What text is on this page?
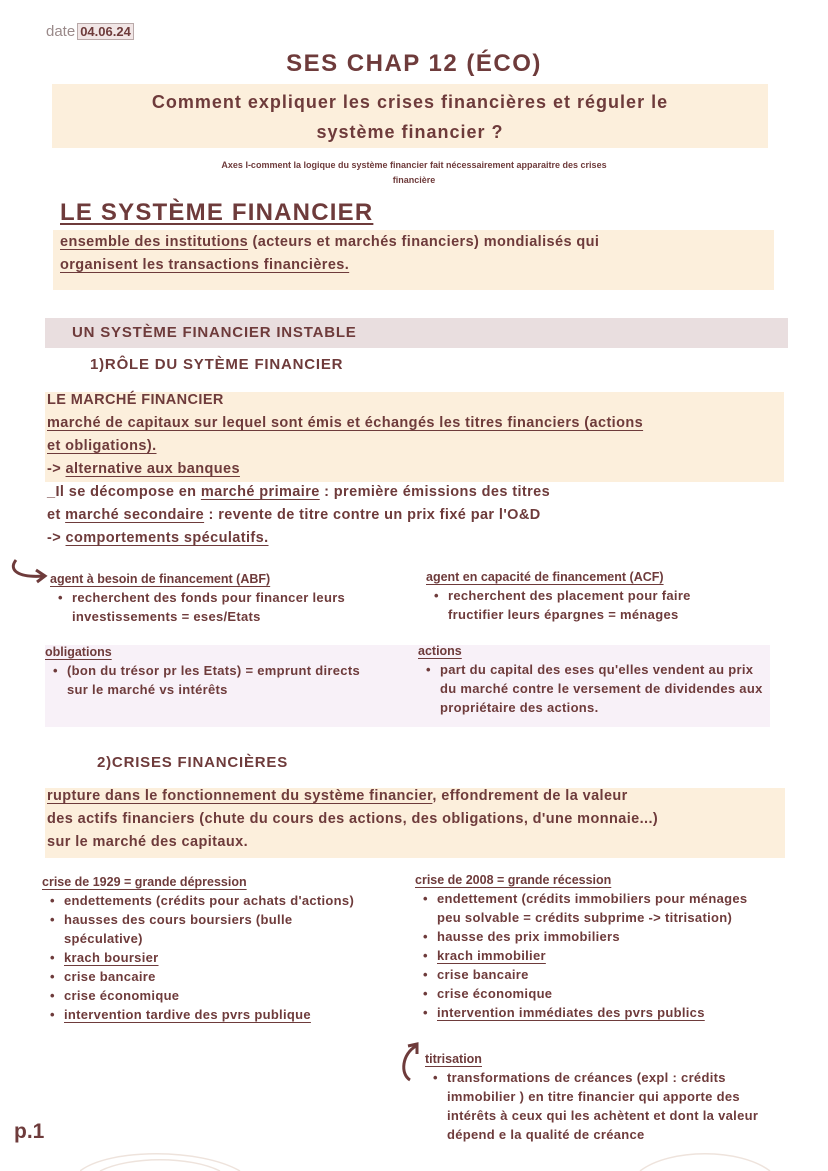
date 04.06.24
SES CHAP 12 (ÉCO)
Comment expliquer les crises financières et réguler le
système financier ?
Axes I-comment la logique du système financier fait nécessairement apparaitre des crises
financière
LE SYSTÈME FINANCIER
ensemble des institutions (acteurs et marchés financiers) mondialisés qui
organisent les transactions financières.
UN SYSTÈME FINANCIER INSTABLE
1)RÔLE DU SYTÈME FINANCIER
LE MARCHÉ FINANCIER
marché de capitaux sur lequel sont émis et échangés les titres financiers (actions
et obligations).
-> alternative aux banques
_Il se décompose en marché primaire : première émissions des titres
et marché secondaire : revente de titre contre un prix fixé par l'O&D
-> comportements spéculatifs.
agent à besoin de financement (ABF)
• recherchent des fonds pour financer leurs investissements = eses/Etats
agent en capacité de financement (ACF)
• recherchent des placement pour faire fructifier leurs épargnes = ménages
obligations
• (bon du trésor pr les Etats) = emprunt directs sur le marché vs intérêts
actions
• part du capital des eses qu'elles vendent au prix du marché contre le versement de dividendes aux propriétaire des actions.
2)CRISES FINANCIÈRES
rupture dans le fonctionnement du système financier, effondrement de la valeur
des actifs financiers (chute du cours des actions, des obligations, d'une monnaie...)
sur le marché des capitaux.
crise de 1929 = grande dépression
• endettements (crédits pour achats d'actions)
• hausses des cours boursiers (bulle spéculative)
• krach boursier
• crise bancaire
• crise économique
• intervention tardive des pvrs publique
crise de 2008 = grande récession
• endettement (crédits immobiliers pour ménages peu solvable = crédits subprime -> titrisation)
• hausse des prix immobiliers
• krach immobilier
• crise bancaire
• crise économique
• intervention immédiates des pvrs publics
titrisation
• transformations de créances (expl : crédits immobilier ) en titre financier qui apporte des intérêts à ceux qui les achètent et dont la valeur dépend e la qualité de créance
p.1
